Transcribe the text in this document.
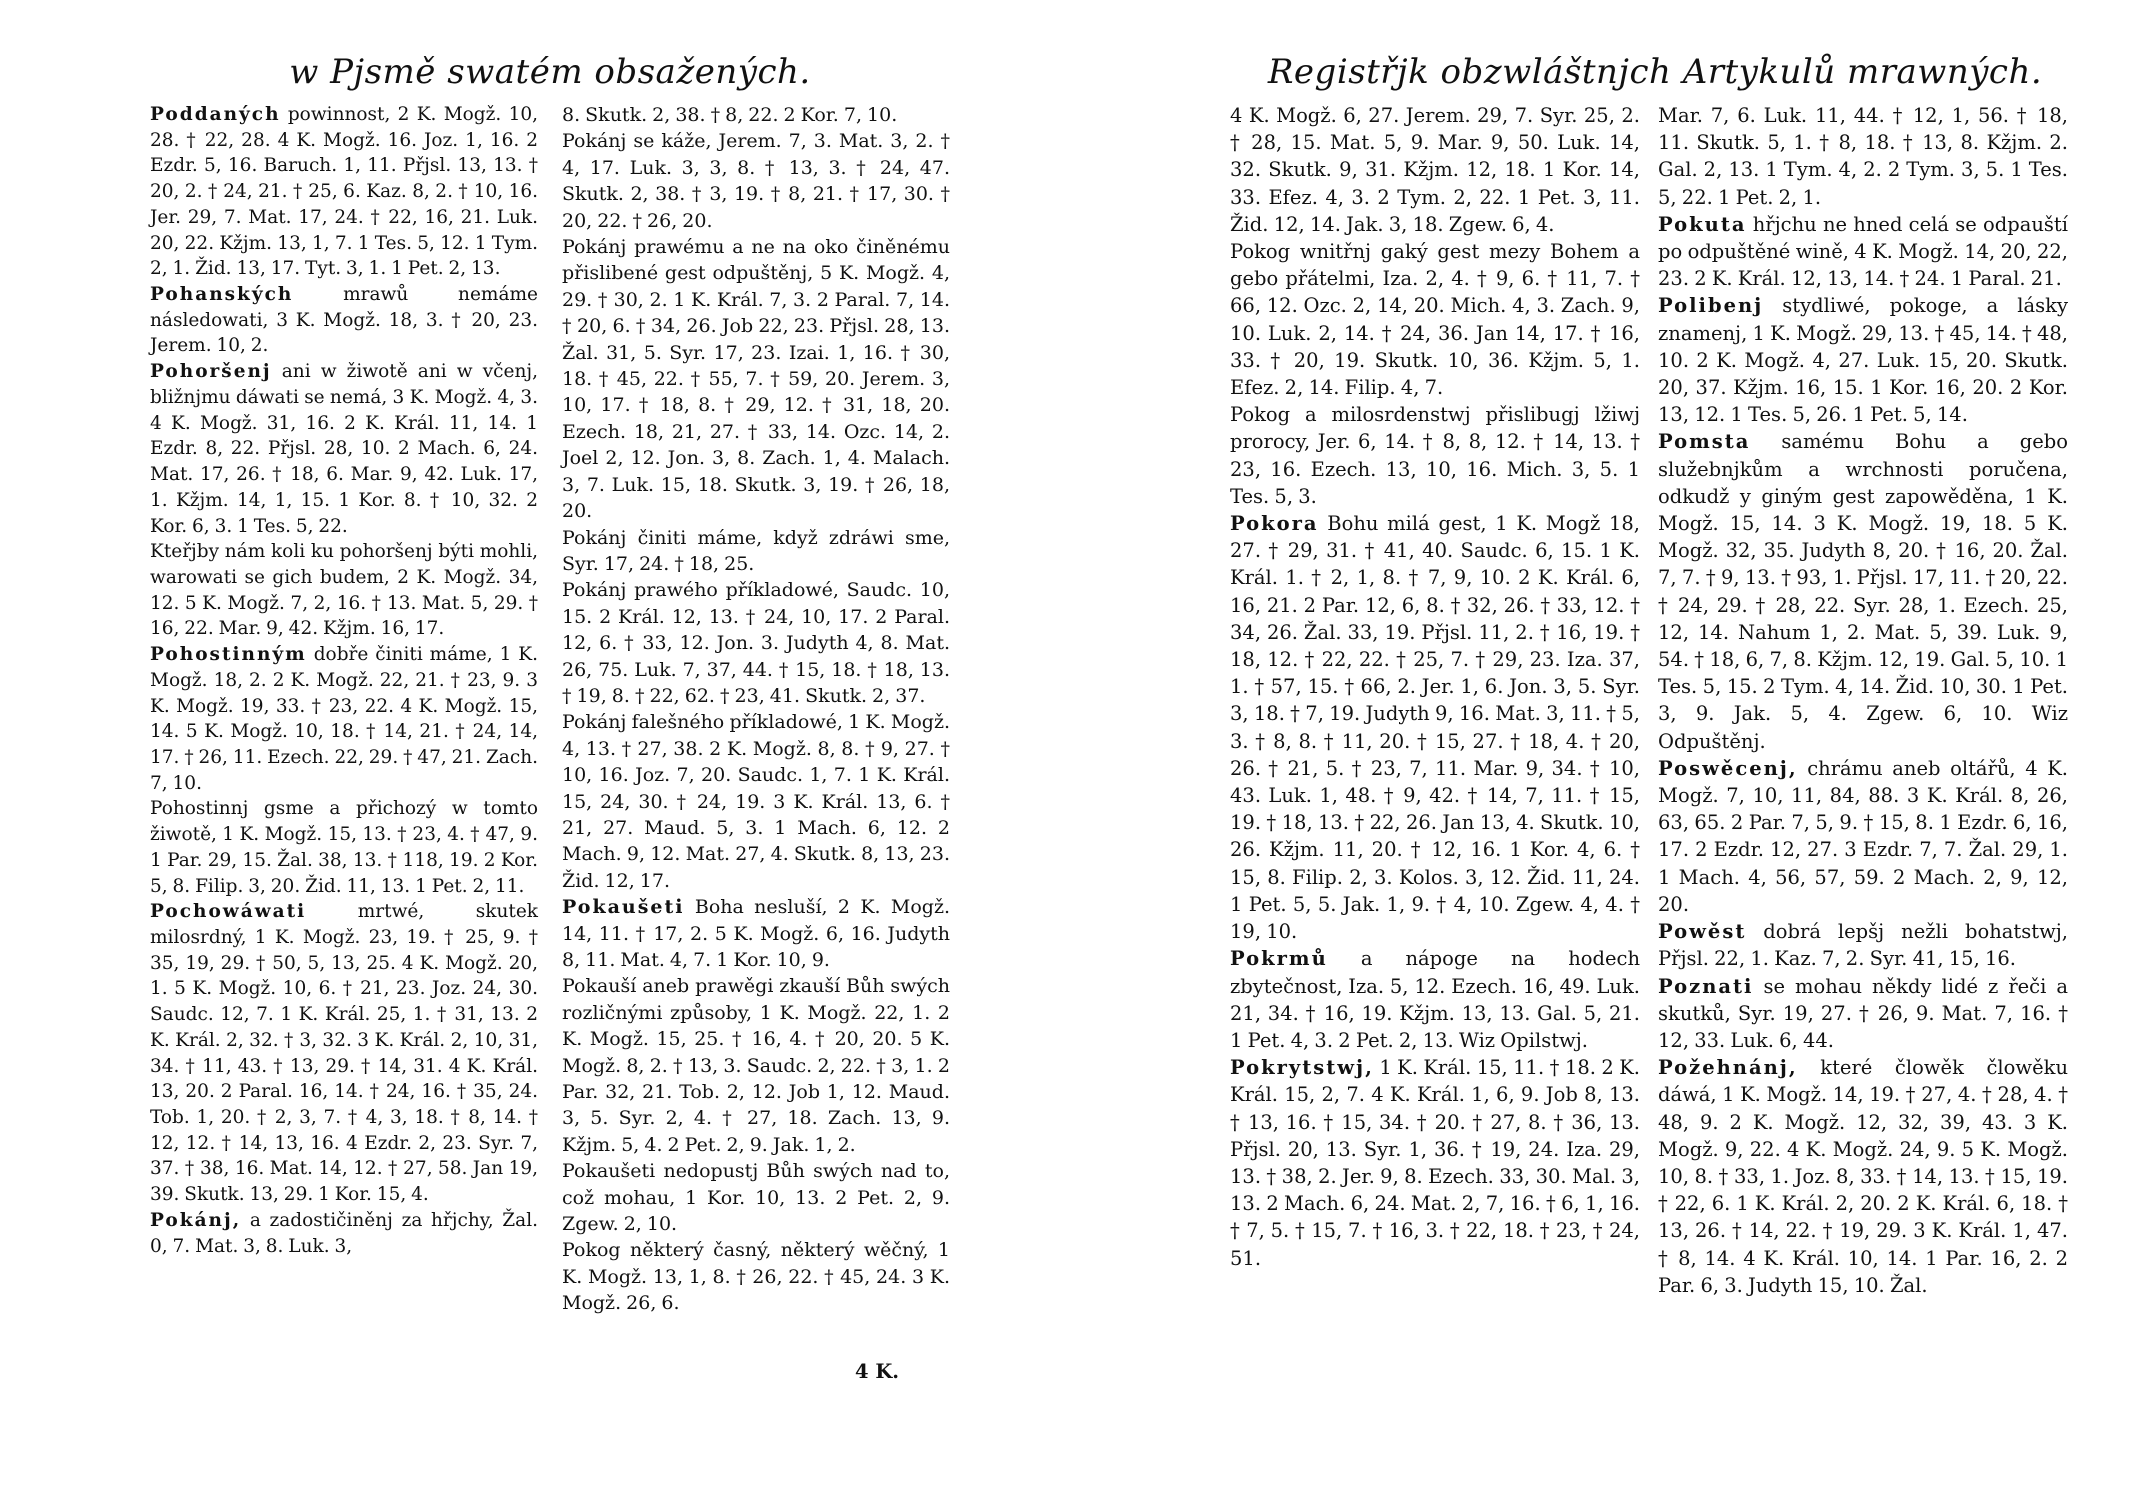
w Pjsmě swatém obsažených.

Poddaných powinnost, 2 K. Mogž. 10, 28. † 22, 28. 4 K. Mogž. 16. Joz. 1, 16. 2 Ezdr. 5, 16. Baruch. 1, 11. Přjsl. 13, 13. † 20, 2. † 24, 21. † 25, 6. Kaz. 8, 2. † 10, 16. Jer. 29, 7. Mat. 17, 24. † 22, 16, 21. Luk. 20, 22. Kžjm. 13, 1, 7. 1 Tes. 5, 12. 1 Tym. 2, 1. Žid. 13, 17. Tyt. 3, 1. 1 Pet. 2, 13.

Pohanských	mrawů nemáme následowati, 3 K. Mogž. 18, 3. † 20, 23. Jerem. 10, 2.

Pohoršenj ani w žiwotě ani w včenj, bližnjmu dáwati se nemá, 3 K. Mogž. 4, 3. 4 K. Mogž. 31, 16. 2 K. Král. 11, 14. 1 Ezdr. 8, 22. Přjsl. 28, 10. 2 Mach. 6, 24. Mat. 17, 26. † 18, 6. Mar. 9, 42. Luk. 17, 1. Kžjm. 14, 1, 15. 1 Kor. 8. † 10, 32. 2 Kor. 6, 3. 1 Tes. 5, 22.

Kteřjby nám koli ku pohoršenj býti mohli, warowati se gich budem, 2 K. Mogž. 34, 12. 5 K. Mogž. 7, 2, 16. † 13. Mat. 5, 29. † 16, 22. Mar. 9, 42. Kžjm. 16, 17.

Pohostinným dobře činiti máme, 1 K. Mogž. 18, 2. 2 K. Mogž. 22, 21. † 23, 9. 3 K. Mogž. 19, 33. † 23, 22. 4 K. Mogž. 15, 14. 5 K. Mogž. 10, 18. † 14, 21. † 24, 14, 17. † 26, 11. Ezech. 22, 29. † 47, 21. Zach. 7, 10.

Pohostinnj gsme a přichozý w tomto žiwotě, 1 K. Mogž. 15, 13. † 23, 4. † 47, 9. 1 Par. 29, 15. Žal. 38, 13. † 118, 19. 2 Kor. 5, 8. Filip. 3, 20. Žid. 11, 13. 1 Pet. 2, 11.

Pochowáwati	mrtwé, skutek milosrdný, 1 K. Mogž. 23, 19. † 25, 9. † 35, 19, 29. † 50, 5, 13, 25. 4 K. Mogž. 20, 1. 5 K. Mogž. 10, 6. † 21, 23. Joz. 24, 30. Saudc. 12, 7. 1 K. Král. 25, 1. † 31, 13. 2 K. Král. 2, 32. † 3, 32. 3 K. Král. 2, 10, 31, 34. † 11, 43. † 13, 29. † 14, 31. 4 K. Král. 13, 20. 2 Paral. 16, 14. † 24, 16. † 35, 24. Tob. 1, 20. † 2, 3, 7. † 4, 3, 18. † 8, 14. † 12, 12. † 14, 13, 16. 4 Ezdr. 2, 23. Syr. 7, 37. † 38, 16. Mat. 14, 12. † 27, 58. Jan 19, 39. Skutk. 13, 29. 1 Kor. 15, 4.

Pokánj, a zadostičiněnj za hřjchy, Žal. 0, 7. Mat. 3, 8. Luk. 3,

8. Skutk. 2, 38. † 8, 22. 2 Kor. 7, 10.

Pokánj se káže, Jerem. 7, 3. Mat. 3, 2. † 4, 17. Luk. 3, 3, 8. † 13, 3. † 24, 47. Skutk. 2, 38. † 3, 19. † 8, 21. † 17, 30. † 20, 22. † 26, 20.

Pokánj prawému a ne na oko činěnému přislibené gest odpuštěnj, 5 K. Mogž. 4, 29. † 30, 2. 1 K. Král. 7, 3. 2 Paral. 7, 14. † 20, 6. † 34, 26. Job 22, 23. Přjsl. 28, 13. Žal. 31, 5. Syr. 17, 23. Izai. 1, 16. † 30, 18. † 45, 22. † 55, 7. † 59, 20. Jerem. 3, 10, 17. † 18, 8. † 29, 12. † 31, 18, 20. Ezech. 18, 21, 27. † 33, 14. Ozc. 14, 2. Joel 2, 12. Jon. 3, 8. Zach. 1, 4. Malach. 3, 7. Luk. 15, 18. Skutk. 3, 19. † 26, 18, 20.

Pokánj činiti máme, když zdráwi sme, Syr. 17, 24. † 18, 25.

Pokánj prawého příkladowé, Saudc. 10, 15. 2 Král. 12, 13. † 24, 10, 17. 2 Paral. 12, 6. † 33, 12. Jon. 3. Judyth 4, 8. Mat. 26, 75. Luk. 7, 37, 44. † 15, 18. † 18, 13. † 19, 8. † 22, 62. † 23, 41. Skutk. 2, 37.

Pokánj falešného příkladowé, 1 K. Mogž. 4, 13. † 27, 38. 2 K. Mogž. 8, 8. † 9, 27. † 10, 16. Joz. 7, 20. Saudc. 1, 7. 1 K. Král. 15, 24, 30. † 24, 19. 3 K. Král. 13, 6. † 21, 27. Maud. 5, 3. 1 Mach. 6, 12. 2 Mach. 9, 12. Mat. 27, 4. Skutk. 8, 13, 23. Žid. 12, 17.

Pokaušeti Boha nesluší, 2 K. Mogž. 14, 11. † 17, 2. 5 K. Mogž. 6, 16. Judyth 8, 11. Mat. 4, 7. 1 Kor. 10, 9.

Pokauší aneb prawěgi zkauší Bůh swých rozličnými způsoby, 1 K. Mogž. 22, 1. 2 K. Mogž. 15, 25. † 16, 4. † 20, 20. 5 K. Mogž. 8, 2. † 13, 3. Saudc. 2, 22. † 3, 1. 2 Par. 32, 21. Tob. 2, 12. Job 1, 12. Maud. 3, 5. Syr. 2, 4. † 27, 18. Zach. 13, 9. Kžjm. 5, 4. 2 Pet. 2, 9. Jak. 1, 2.

Pokaušeti nedopustj Bůh swých nad to, což mohau, 1 Kor. 10, 13. 2 Pet. 2, 9. Zgew. 2, 10.

Pokog některý časný, některý wěčný, 1 K. Mogž. 13, 1, 8. † 26, 22. † 45, 24. 3 K. Mogž. 26, 6.

4 K.
Registřjk obzwláštnjch Artykulů mrawných.

4 K. Mogž. 6, 27. Jerem. 29, 7. Syr. 25, 2. † 28, 15. Mat. 5, 9. Mar. 9, 50. Luk. 14, 32. Skutk. 9, 31. Kžjm. 12, 18. 1 Kor. 14, 33. Efez. 4, 3. 2 Tym. 2, 22. 1 Pet. 3, 11. Žid. 12, 14. Jak. 3, 18. Zgew. 6, 4.

Pokog wnitřnj gaký gest mezy Bohem a gebo přátelmi, Iza. 2, 4. † 9, 6. † 11, 7. † 66, 12. Ozc. 2, 14, 20. Mich. 4, 3. Zach. 9, 10. Luk. 2, 14. † 24, 36. Jan 14, 17. † 16, 33. † 20, 19. Skutk. 10, 36. Kžjm. 5, 1. Efez. 2, 14. Filip. 4, 7.

Pokog a milosrdenstwj přislibugj lžiwj prorocy, Jer. 6, 14. † 8, 8, 12. † 14, 13. † 23, 16. Ezech. 13, 10, 16. Mich. 3, 5. 1 Tes. 5, 3.

Pokora Bohu milá gest, 1 K. Mogž 18, 27. † 29, 31. † 41, 40. Saudc. 6, 15. 1 K. Král. 1. † 2, 1, 8. † 7, 9, 10. 2 K. Král. 6, 16, 21. 2 Par. 12, 6, 8. † 32, 26. † 33, 12. † 34, 26. Žal. 33, 19. Přjsl. 11, 2. † 16, 19. † 18, 12. † 22, 22. † 25, 7. † 29, 23. Iza. 37, 1. † 57, 15. † 66, 2. Jer. 1, 6. Jon. 3, 5. Syr. 3, 18. † 7, 19. Judyth 9, 16. Mat. 3, 11. † 5, 3. † 8, 8. † 11, 20. † 15, 27. † 18, 4. † 20, 26. † 21, 5. † 23, 7, 11. Mar. 9, 34. † 10, 43. Luk. 1, 48. † 9, 42. † 14, 7, 11. † 15, 19. † 18, 13. † 22, 26. Jan 13, 4. Skutk. 10, 26. Kžjm. 11, 20. † 12, 16. 1 Kor. 4, 6. † 15, 8. Filip. 2, 3. Kolos. 3, 12. Žid. 11, 24. 1 Pet. 5, 5. Jak. 1, 9. † 4, 10. Zgew. 4, 4. † 19, 10.

Pokrmů a nápoge na hodech zbytečnost, Iza. 5, 12. Ezech. 16, 49. Luk. 21, 34. † 16, 19. Kžjm. 13, 13. Gal. 5, 21. 1 Pet. 4, 3. 2 Pet. 2, 13. Wiz Opilstwj.

Pokrytstwj, 1 K. Král. 15, 11. † 18. 2 K. Král. 15, 2, 7. 4 K. Král. 1, 6, 9. Job 8, 13. † 13, 16. † 15, 34. † 20. † 27, 8. † 36, 13. Přjsl. 20, 13. Syr. 1, 36. † 19, 24. Iza. 29, 13. † 38, 2. Jer. 9, 8. Ezech. 33, 30. Mal. 3, 13. 2 Mach. 6, 24. Mat. 2, 7, 16. † 6, 1, 16. † 7, 5. † 15, 7. † 16, 3. † 22, 18. † 23, † 24, 51.

Mar. 7, 6. Luk. 11, 44. † 12, 1, 56. † 18, 11. Skutk. 5, 1. † 8, 18. † 13, 8. Kžjm. 2. Gal. 2, 13. 1 Tym. 4, 2. 2 Tym. 3, 5. 1 Tes. 5, 22. 1 Pet. 2, 1.

Pokuta hřjchu ne hned celá se odpauští po odpuštěné wině, 4 K. Mogž. 14, 20, 22, 23. 2 K. Král. 12, 13, 14. † 24. 1 Paral. 21.

Polibenj stydliwé, pokoge, a lásky znamenj, 1 K. Mogž. 29, 13. † 45, 14. † 48, 10. 2 K. Mogž. 4, 27. Luk. 15, 20. Skutk. 20, 37. Kžjm. 16, 15. 1 Kor. 16, 20. 2 Kor. 13, 12. 1 Tes. 5, 26. 1 Pet. 5, 14.

Pomsta samému Bohu a gebo služebnjkům a wrchnosti poručena, odkudž y giným gest zapowěděna, 1 K. Mogž. 15, 14. 3 K. Mogž. 19, 18. 5 K. Mogž. 32, 35. Judyth 8, 20. † 16, 20. Žal. 7, 7. † 9, 13. † 93, 1. Přjsl. 17, 11. † 20, 22. † 24, 29. † 28, 22. Syr. 28, 1. Ezech. 25, 12, 14. Nahum 1, 2. Mat. 5, 39. Luk. 9, 54. † 18, 6, 7, 8. Kžjm. 12, 19. Gal. 5, 10. 1 Tes. 5, 15. 2 Tym. 4, 14. Žid. 10, 30. 1 Pet. 3, 9. Jak. 5, 4. Zgew. 6, 10. Wiz Odpuštěnj.

Poswěcenj, chrámu aneb oltářů, 4 K. Mogž. 7, 10, 11, 84, 88. 3 K. Král. 8, 26, 63, 65. 2 Par. 7, 5, 9. † 15, 8. 1 Ezdr. 6, 16, 17. 2 Ezdr. 12, 27. 3 Ezdr. 7, 7. Žal. 29, 1. 1 Mach. 4, 56, 57, 59. 2 Mach. 2, 9, 12, 20.

Powěst dobrá lepšj nežli bohatstwj, Přjsl. 22, 1. Kaz. 7, 2. Syr. 41, 15, 16.

Poznati se mohau někdy lidé z řeči a skutků, Syr. 19, 27. † 26, 9. Mat. 7, 16. † 12, 33. Luk. 6, 44.

Požehnánj, které člowěk člowěku dáwá, 1 K. Mogž. 14, 19. † 27, 4. † 28, 4. † 48, 9. 2 K. Mogž. 12, 32, 39, 43. 3 K. Mogž. 9, 22. 4 K. Mogž. 24, 9. 5 K. Mogž. 10, 8. † 33, 1. Joz. 8, 33. † 14, 13. † 15, 19. † 22, 6. 1 K. Král. 2, 20. 2 K. Král. 6, 18. † 13, 26. † 14, 22. † 19, 29. 3 K. Král. 1, 47. † 8, 14. 4 K. Král. 10, 14. 1 Par. 16, 2. 2 Par. 6, 3. Judyth 15, 10. Žal.
